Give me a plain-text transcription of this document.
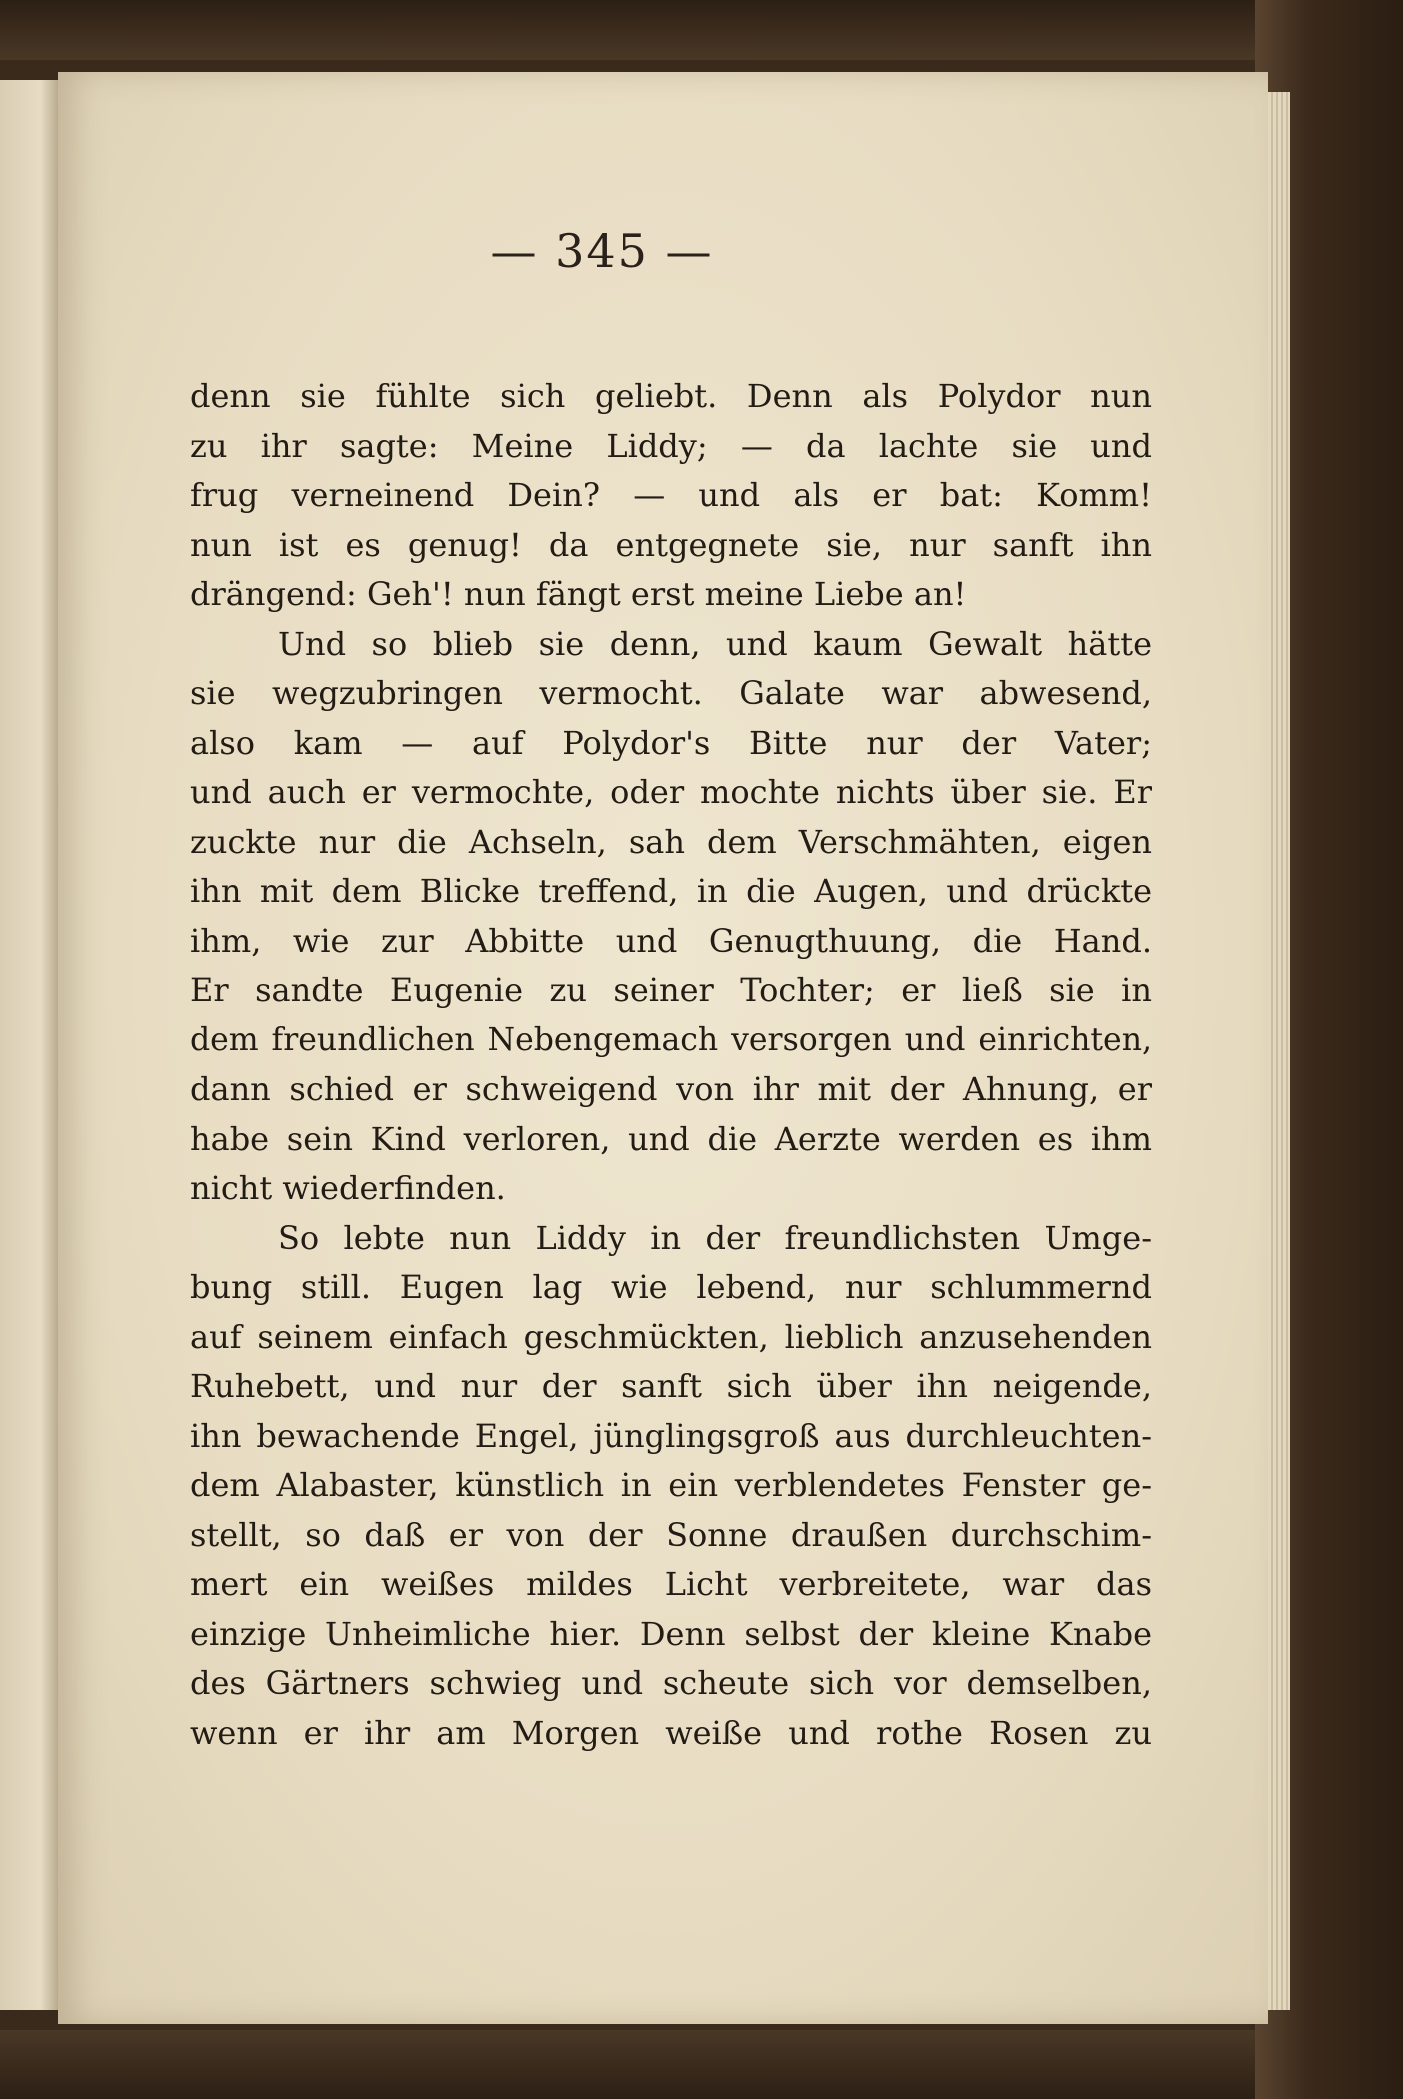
— 345 —
denn sie fühlte sich geliebt. Denn als Polydor nun
zu ihr sagte: Meine Liddy; — da lachte sie und
frug verneinend Dein? — und als er bat: Komm!
nun ist es genug! da entgegnete sie, nur sanft ihn
drängend: Geh'! nun fängt erst meine Liebe an!
Und so blieb sie denn, und kaum Gewalt hätte
sie wegzubringen vermocht. Galate war abwesend,
also kam — auf Polydor's Bitte nur der Vater;
und auch er vermochte, oder mochte nichts über sie. Er
zuckte nur die Achseln, sah dem Verschmähten, eigen
ihn mit dem Blicke treffend, in die Augen, und drückte
ihm, wie zur Abbitte und Genugthuung, die Hand.
Er sandte Eugenie zu seiner Tochter; er ließ sie in
dem freundlichen Nebengemach versorgen und einrichten,
dann schied er schweigend von ihr mit der Ahnung, er
habe sein Kind verloren, und die Aerzte werden es ihm
nicht wiederfinden.
So lebte nun Liddy in der freundlichsten Umge-
bung still. Eugen lag wie lebend, nur schlummernd
auf seinem einfach geschmückten, lieblich anzusehenden
Ruhebett, und nur der sanft sich über ihn neigende,
ihn bewachende Engel, jünglingsgroß aus durchleuchten-
dem Alabaster, künstlich in ein verblendetes Fenster ge-
stellt, so daß er von der Sonne draußen durchschim-
mert ein weißes mildes Licht verbreitete, war das
einzige Unheimliche hier. Denn selbst der kleine Knabe
des Gärtners schwieg und scheute sich vor demselben,
wenn er ihr am Morgen weiße und rothe Rosen zu
